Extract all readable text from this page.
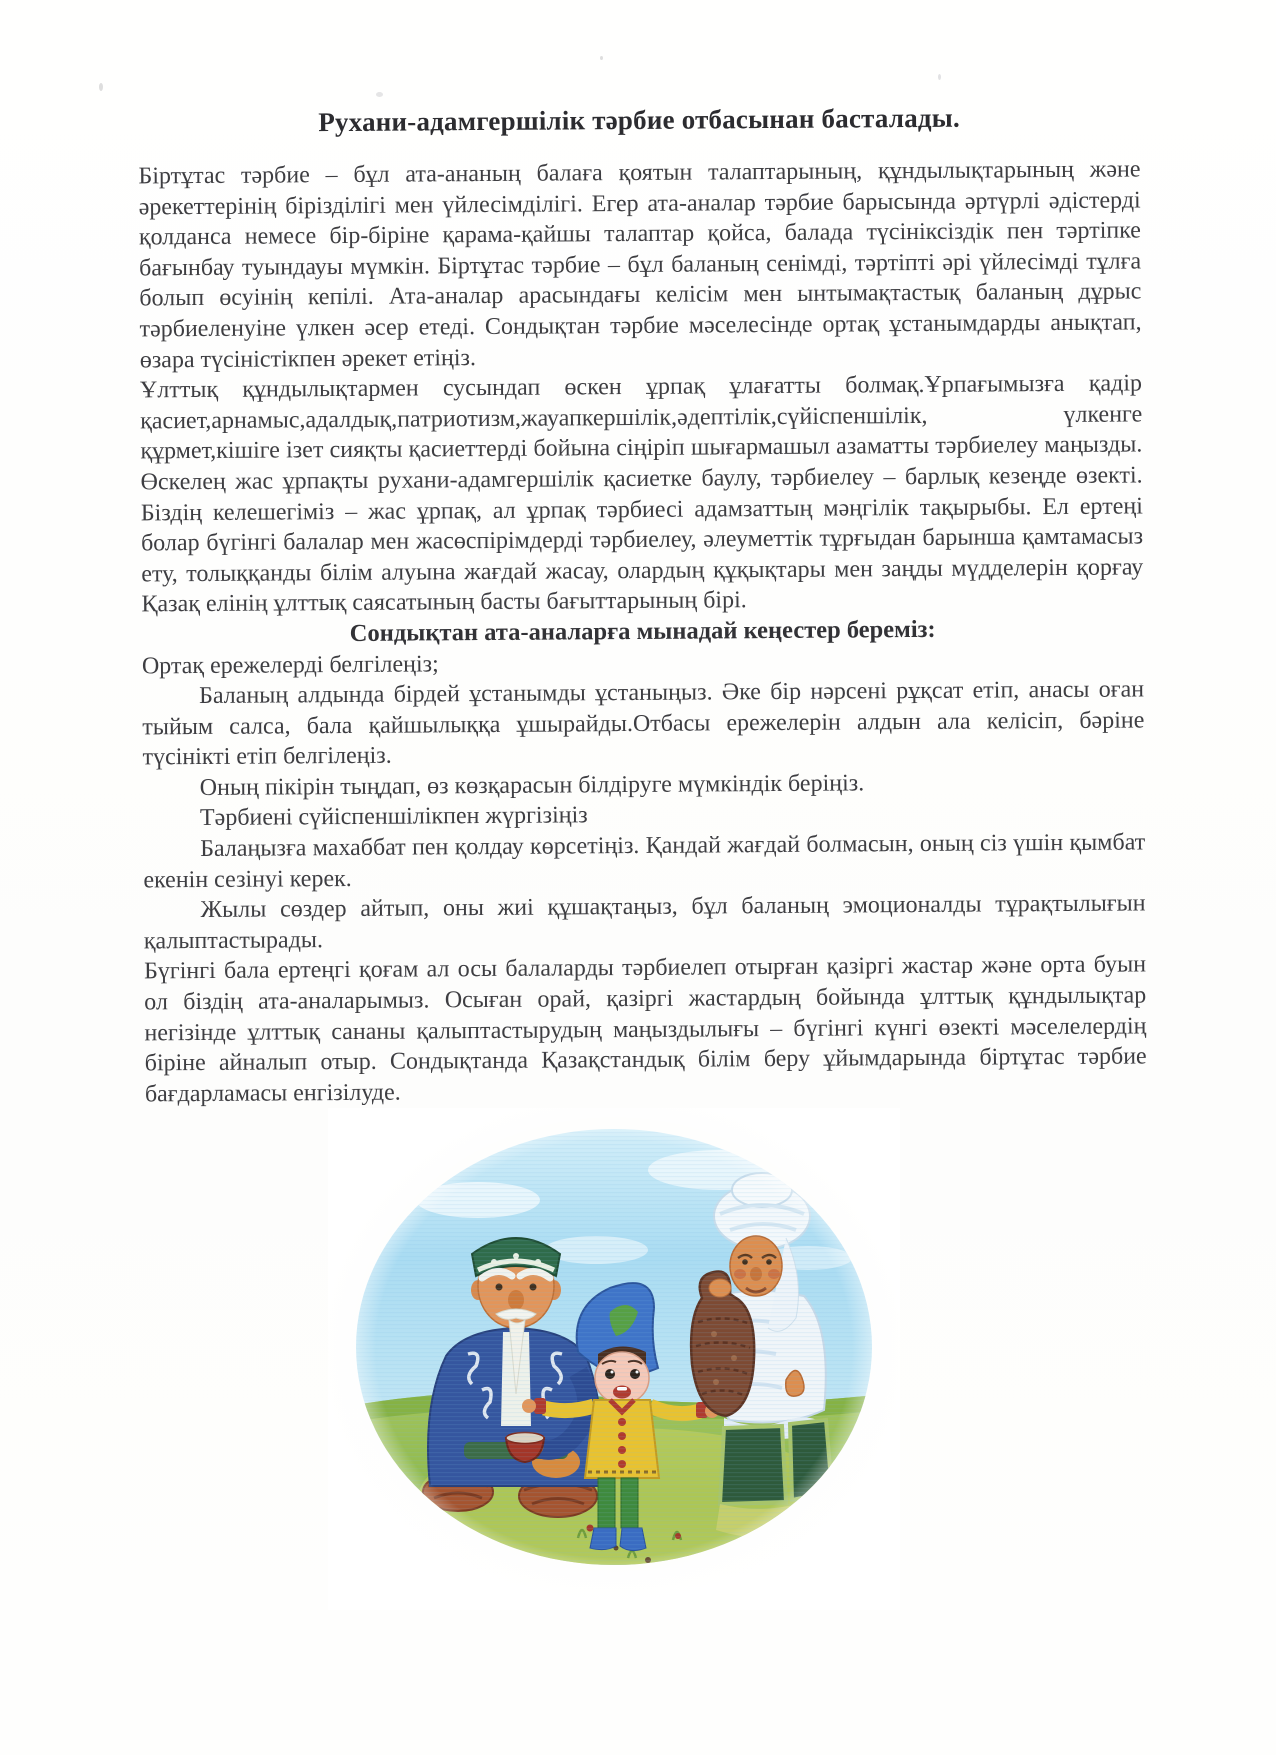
Рухани-адамгершілік тәрбие отбасынан басталады.

Біртұтас тәрбие – бұл ата-ананың балаға қоятын талаптарының, құндылықтарының және әрекеттерінің бірізділігі мен үйлесімділігі. Егер ата-аналар тәрбие барысында әртүрлі әдістерді қолданса немесе бір-біріне қарама-қайшы талаптар қойса, балада түсініксіздік пен тәртіпке бағынбау туындауы мүмкін. Біртұтас тәрбие – бұл баланың сенімді, тәртіпті әрі үйлесімді тұлға болып өсуінің кепілі. Ата-аналар арасындағы келісім мен ынтымақтастық баланың дұрыс тәрбиеленуіне үлкен әсер етеді. Сондықтан тәрбие мәселесінде ортақ ұстанымдарды анықтап, өзара түсіністікпен әрекет етіңіз.

Ұлттық құндылықтармен сусындап өскен ұрпақ ұлағатты болмақ.Ұрпағымызға қадір қасиет,арнамыс,адалдық,патриотизм,жауапкершілік,әдептілік,сүйіспеншілік, үлкенге құрмет,кішіге ізет сияқты қасиеттерді бойына сіңіріп шығармашыл азаматты тәрбиелеу маңызды. Өскелең жас ұрпақты рухани-адамгершілік қасиетке баулу, тәрбиелеу – барлық кезеңде өзекті. Біздің келешегіміз – жас ұрпақ, ал ұрпақ тәрбиесі адамзаттың мәңгілік тақырыбы. Ел ертеңі болар бүгінгі балалар мен жасөспірімдерді тәрбиелеу, әлеуметтік тұрғыдан барынша қамтамасыз ету, толыққанды білім алуына жағдай жасау, олардың құқықтары мен заңды мүдделерін қорғау Қазақ елінің ұлттық саясатының басты бағыттарының бірі.

Сондықтан ата-аналарға мынадай кеңестер береміз:

Ортақ ережелерді белгілеңіз;

Баланың алдында бірдей ұстанымды ұстаныңыз. Әке бір нәрсені рұқсат етіп, анасы оған тыйым салса, бала қайшылыққа ұшырайды.Отбасы ережелерін алдын ала келісіп, бәріне түсінікті етіп белгілеңіз.

Оның пікірін тыңдап, өз көзқарасын білдіруге мүмкіндік беріңіз.

Тәрбиені сүйіспеншілікпен жүргізіңіз

Балаңызға махаббат пен қолдау көрсетіңіз. Қандай жағдай болмасын, оның сіз үшін қымбат екенін сезінуі керек.

Жылы сөздер айтып, оны жиі құшақтаңыз, бұл баланың эмоционалды тұрақтылығын қалыптастырады.

Бүгінгі бала ертеңгі қоғам ал осы балаларды тәрбиелеп отырған қазіргі жастар және орта буын ол біздің ата-аналарымыз. Осыған орай, қазіргі жастардың бойында ұлттық құндылықтар негізінде ұлттық сананы қалыптастырудың маңыздылығы – бүгінгі күнгі өзекті мәселелердің біріне айналып отыр. Сондықтанда Қазақстандық білім беру ұйымдарында біртұтас тәрбие бағдарламасы енгізілуде.
